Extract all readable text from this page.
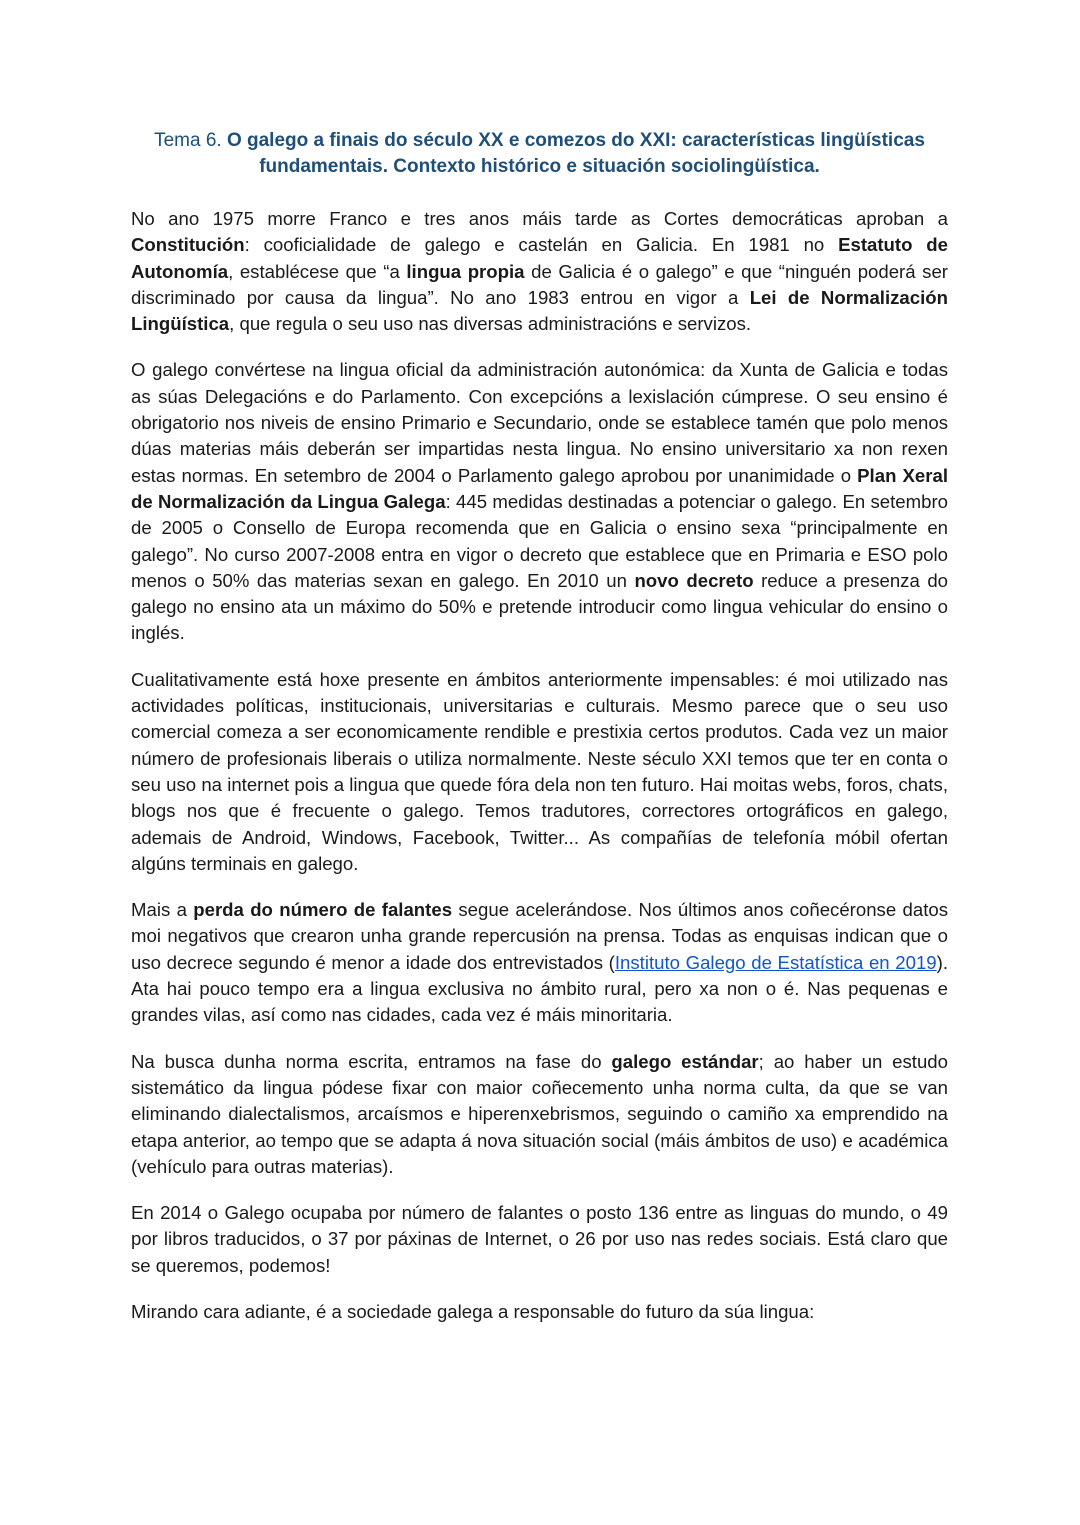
Tema 6. O galego a finais do século XX e comezos do XXI: características lingüísticas fundamentais. Contexto histórico e situación sociolingüística.

No ano 1975 morre Franco e tres anos máis tarde as Cortes democráticas aproban a Constitución: cooficialidade de galego e castelán en Galicia. En 1981 no Estatuto de Autonomía, establécese que “a lingua propia de Galicia é o galego” e que “ninguén poderá ser discriminado por causa da lingua”. No ano 1983 entrou en vigor a Lei de Normalización Lingüística, que regula o seu uso nas diversas administracións e servizos.

O galego convértese na lingua oficial da administración autonómica: da Xunta de Galicia e todas as súas Delegacións e do Parlamento. Con excepcións a lexislación cúmprese. O seu ensino é obrigatorio nos niveis de ensino Primario e Secundario, onde se establece tamén que polo menos dúas materias máis deberán ser impartidas nesta lingua. No ensino universitario xa non rexen estas normas. En setembro de 2004 o Parlamento galego aprobou por unanimidade o Plan Xeral de Normalización da Lingua Galega: 445 medidas destinadas a potenciar o galego. En setembro de 2005 o Consello de Europa recomenda que en Galicia o ensino sexa “principalmente en galego”. No curso 2007-2008 entra en vigor o decreto que establece que en Primaria e ESO polo menos o 50% das materias sexan en galego. En 2010 un novo decreto reduce a presenza do galego no ensino ata un máximo do 50% e pretende introducir como lingua vehicular do ensino o inglés.

Cualitativamente está hoxe presente en ámbitos anteriormente impensables: é moi utilizado nas actividades políticas, institucionais, universitarias e culturais. Mesmo parece que o seu uso comercial comeza a ser economicamente rendible e prestixia certos produtos. Cada vez un maior número de profesionais liberais o utiliza normalmente. Neste século XXI temos que ter en conta o seu uso na internet pois a lingua que quede fóra dela non ten futuro. Hai moitas webs, foros, chats, blogs nos que é frecuente o galego. Temos tradutores, correctores ortográficos en galego, ademais de Android, Windows, Facebook, Twitter... As compañías de telefonía móbil ofertan algúns terminais en galego.

Mais a perda do número de falantes segue acelerándose. Nos últimos anos coñecéronse datos moi negativos que crearon unha grande repercusión na prensa. Todas as enquisas indican que o uso decrece segundo é menor a idade dos entrevistados (Instituto Galego de Estatística en 2019). Ata hai pouco tempo era a lingua exclusiva no ámbito rural, pero xa non o é. Nas pequenas e grandes vilas, así como nas cidades, cada vez é máis minoritaria.

Na busca dunha norma escrita, entramos na fase do galego estándar; ao haber un estudo sistemático da lingua pódese fixar con maior coñecemento unha norma culta, da que se van eliminando dialectalismos, arcaísmos e hiperenxebrismos, seguindo o camiño xa emprendido na etapa anterior, ao tempo que se adapta á nova situación social (máis ámbitos de uso) e académica (vehículo para outras materias).

En 2014 o Galego ocupaba por número de falantes o posto 136 entre as linguas do mundo, o 49 por libros traducidos, o 37 por páxinas de Internet, o 26 por uso nas redes sociais. Está claro que se queremos, podemos!

Mirando cara adiante, é a sociedade galega a responsable do futuro da súa lingua:
